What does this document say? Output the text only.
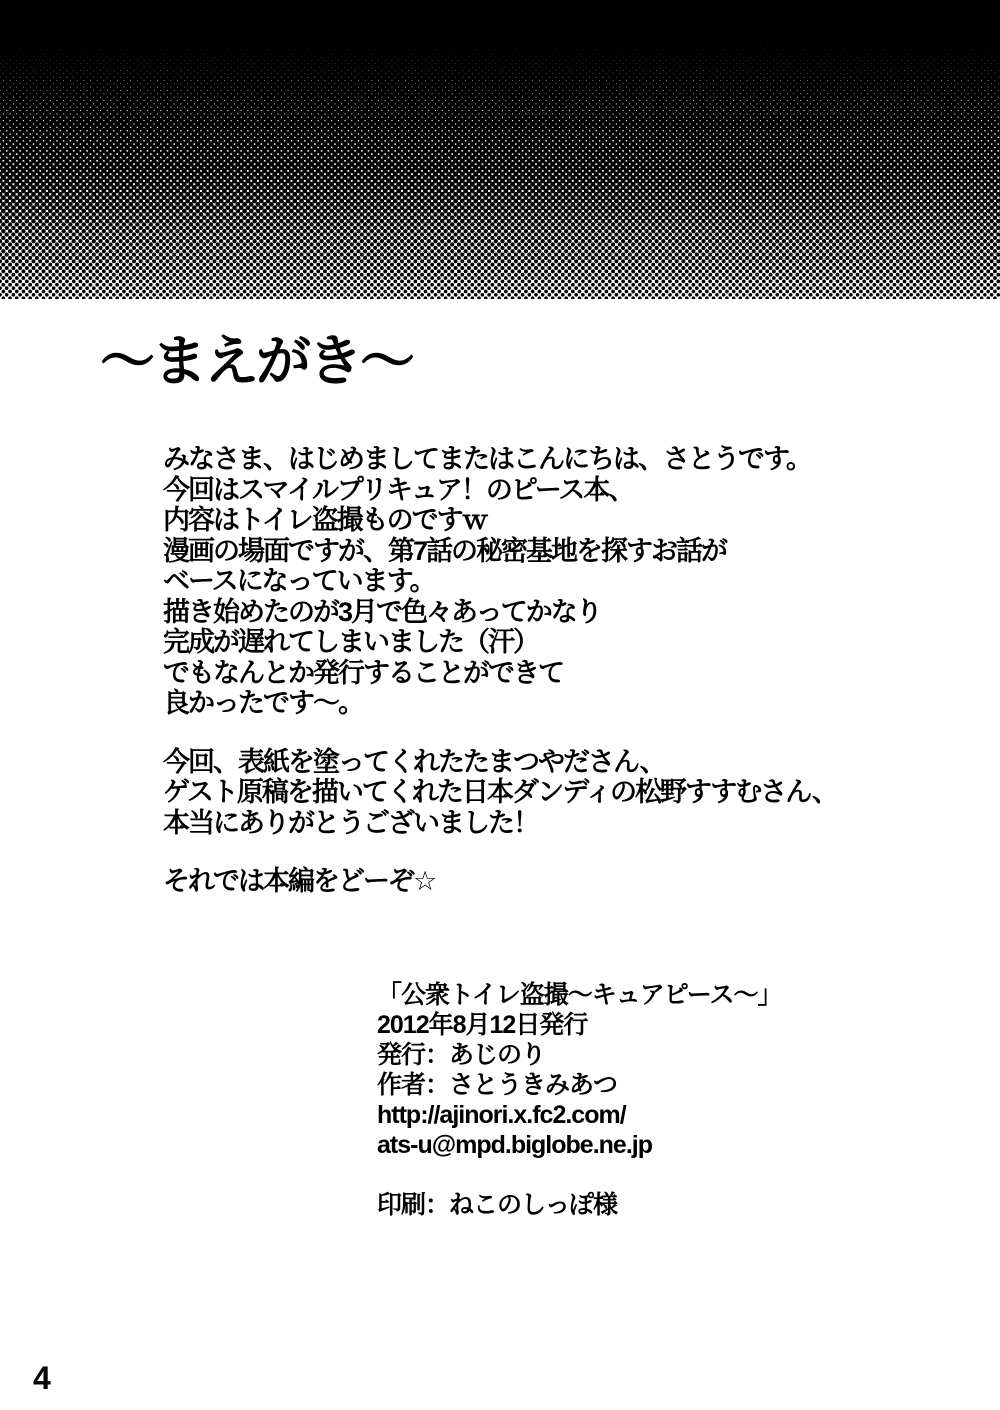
〜まえがき〜
みなさま、はじめましてまたはこんにちは、さとうです。
今回はスマイルプリキュア！のピース本、
内容はトイレ盗撮ものですｗ
漫画の場面ですが、第7話の秘密基地を探すお話が
ベースになっています。
描き始めたのが3月で色々あってかなり
完成が遅れてしまいました（汗）
でもなんとか発行することができて
良かったです〜。
今回、表紙を塗ってくれたたまつやださん、
ゲスト原稿を描いてくれた日本ダンディの松野すすむさん、
本当にありがとうございました！
それでは本編をどーぞ☆
「公衆トイレ盗撮〜キュアピース〜」
2012年8月12日発行
発行：あじのり
作者：さとうきみあつ
http://ajinori.x.fc2.com/
ats-u@mpd.biglobe.ne.jp
印刷：ねこのしっぽ様
4
